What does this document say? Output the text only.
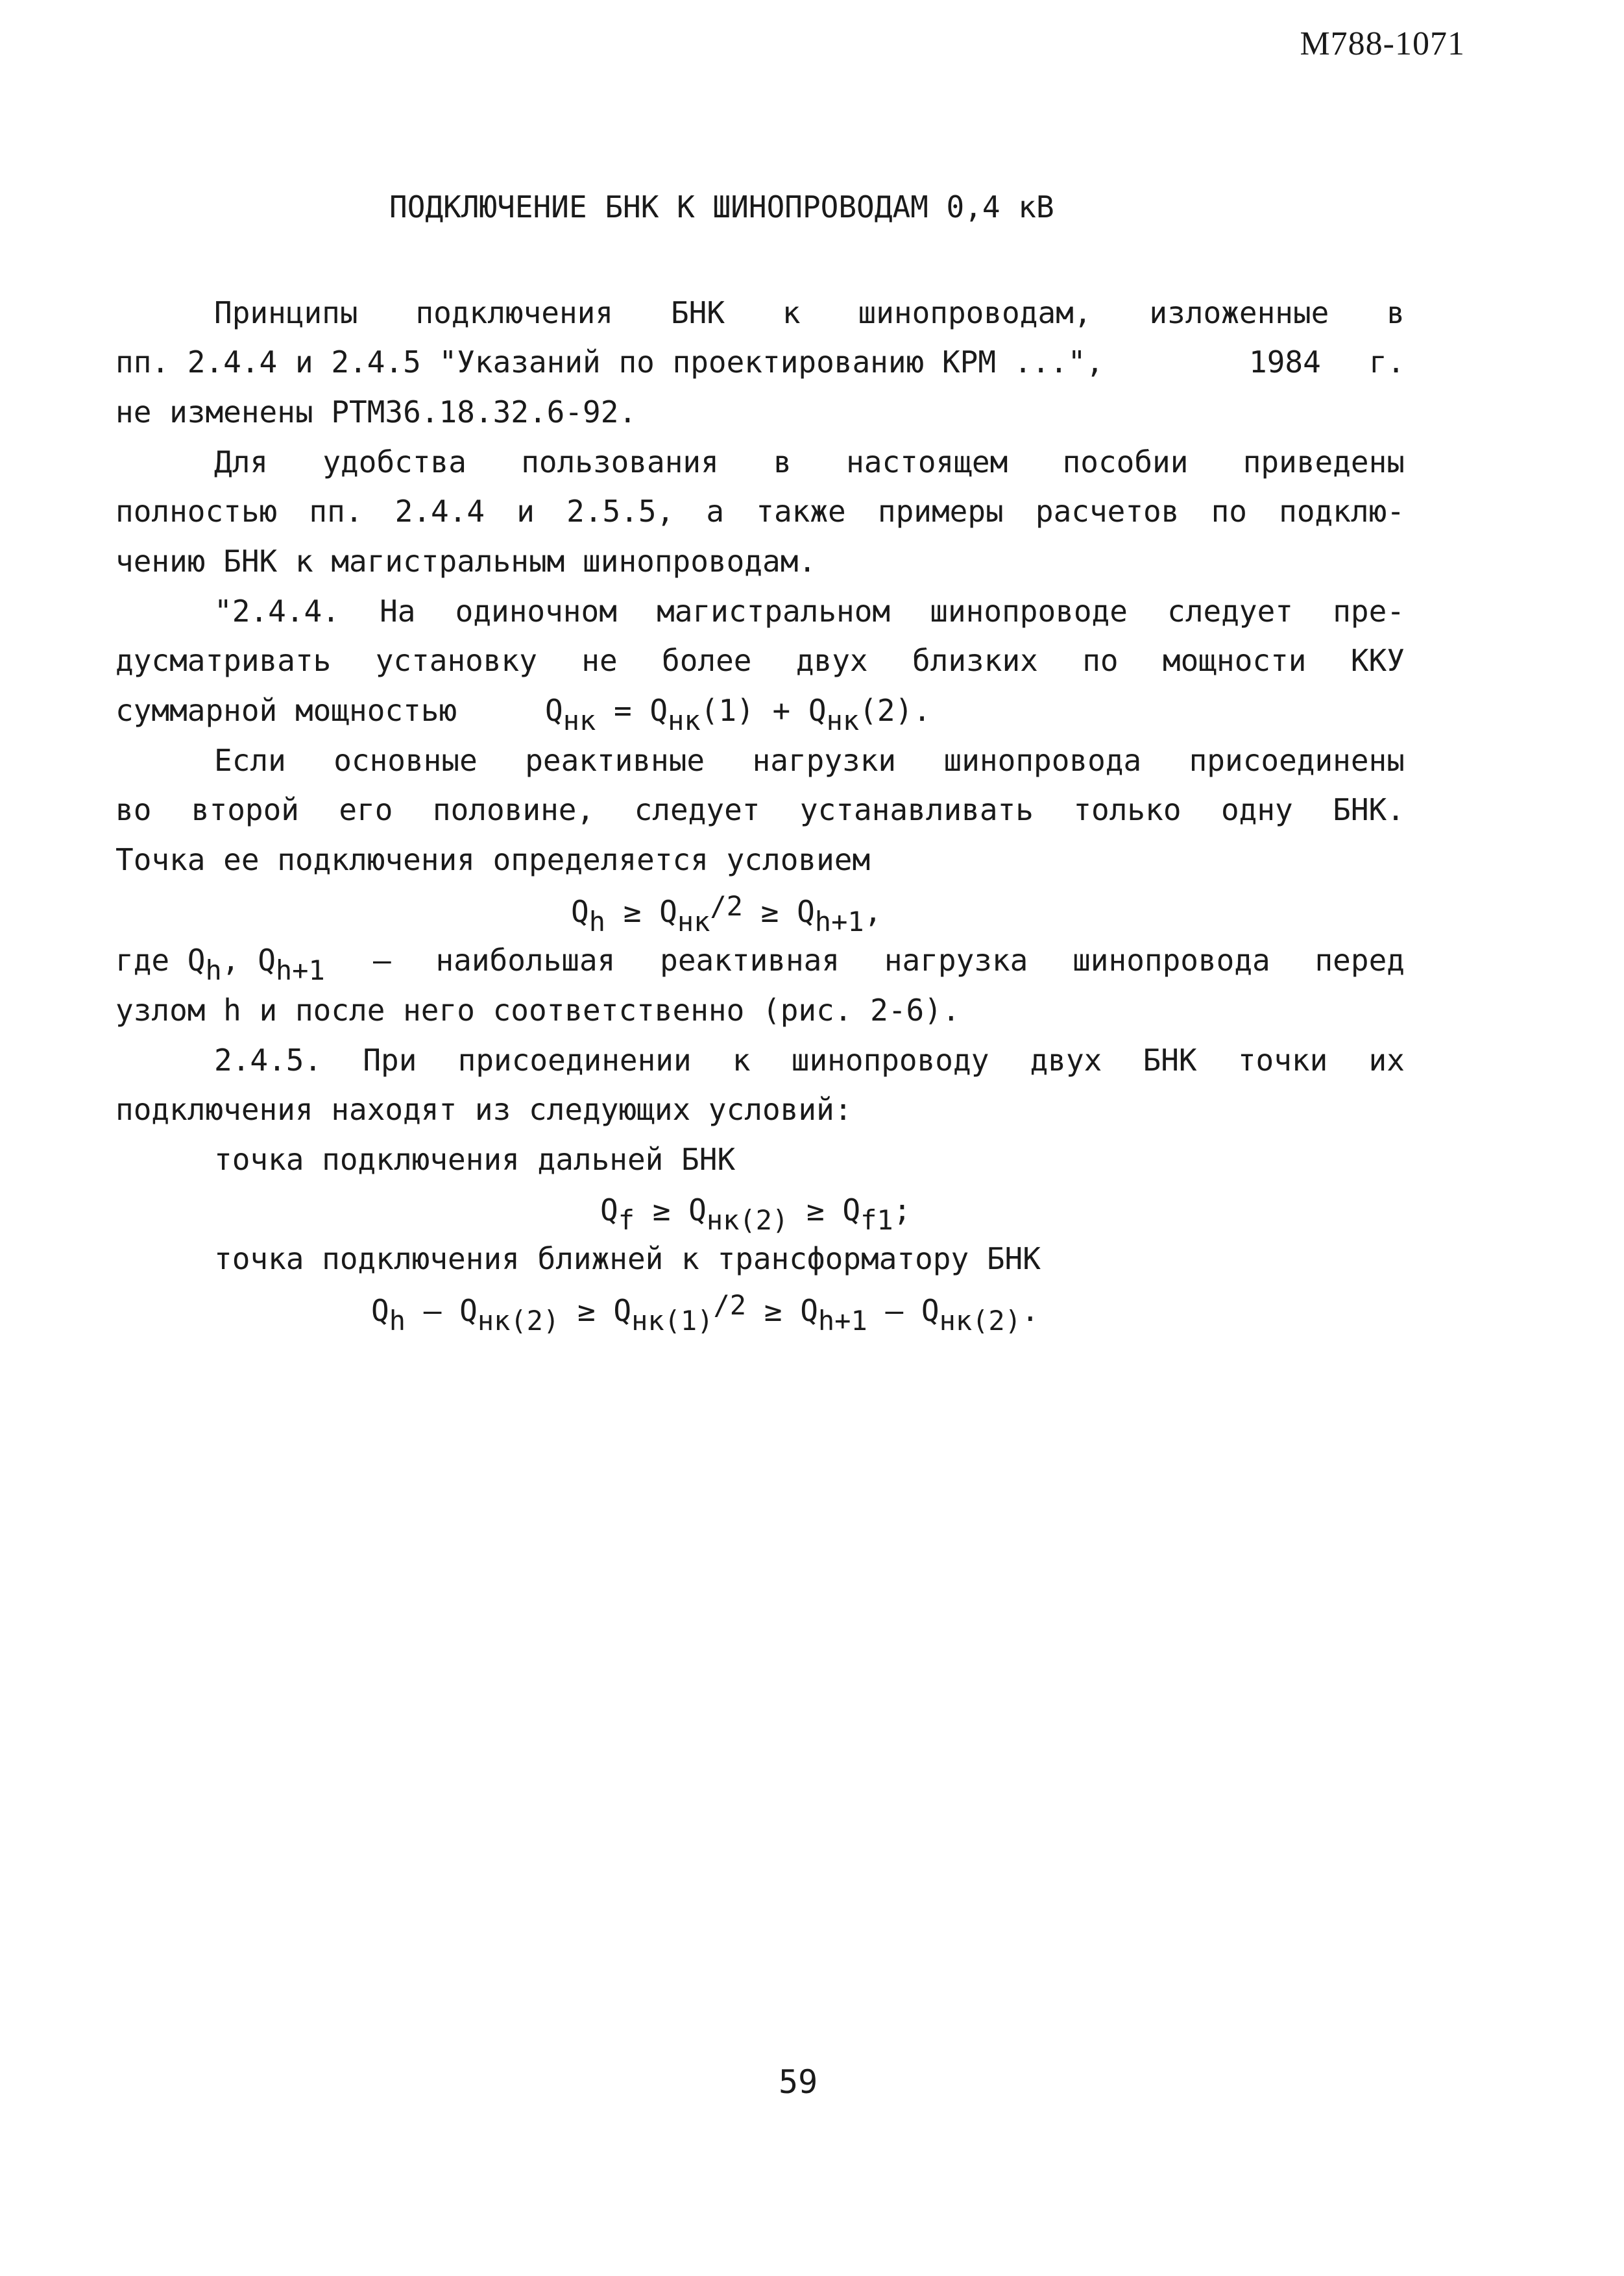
М788-1071
ПОДКЛЮЧЕНИЕ БНК К ШИНОПРОВОДАМ 0,4 кВ
Принципы подключения БНК к шинопроводам, изложенные в
пп. 2.4.4 и 2.4.5 "Указаний по проектированию КРМ ...",	1984 г.
не изменены РТМ36.18.32.6-92.
Для удобства пользования в настоящем пособии приведены
полностью пп. 2.4.4 и 2.5.5, а также примеры расчетов по подклю-
чению БНК к магистральным шинопроводам.
"2.4.4. На одиночном магистральном шинопроводе следует пре-
дусматривать установку не более двух близких по мощности ККУ
суммарной мощностью	Qнк = Qнк(1) + Qнк(2).
Если основные реактивные нагрузки шинопровода присоединены
во второй его половине, следует устанавливать только одну БНК.
Точка ее подключения определяется условием
Qh ≥ Qнк/2 ≥ Qh+1,
где Qh, Qh+1 – наибольшая реактивная нагрузка шинопровода перед
узлом h и после него соответственно (рис. 2-6).
2.4.5. При присоединении к шинопроводу двух БНК точки их
подключения находят из следующих условий:
точка подключения дальней БНК
Qf ≥ Qнк(2) ≥ Qf1;
точка подключения ближней к трансформатору БНК
Qh – Qнк(2) ≥ Qнк(1)/2 ≥ Qh+1 – Qнк(2).
59
